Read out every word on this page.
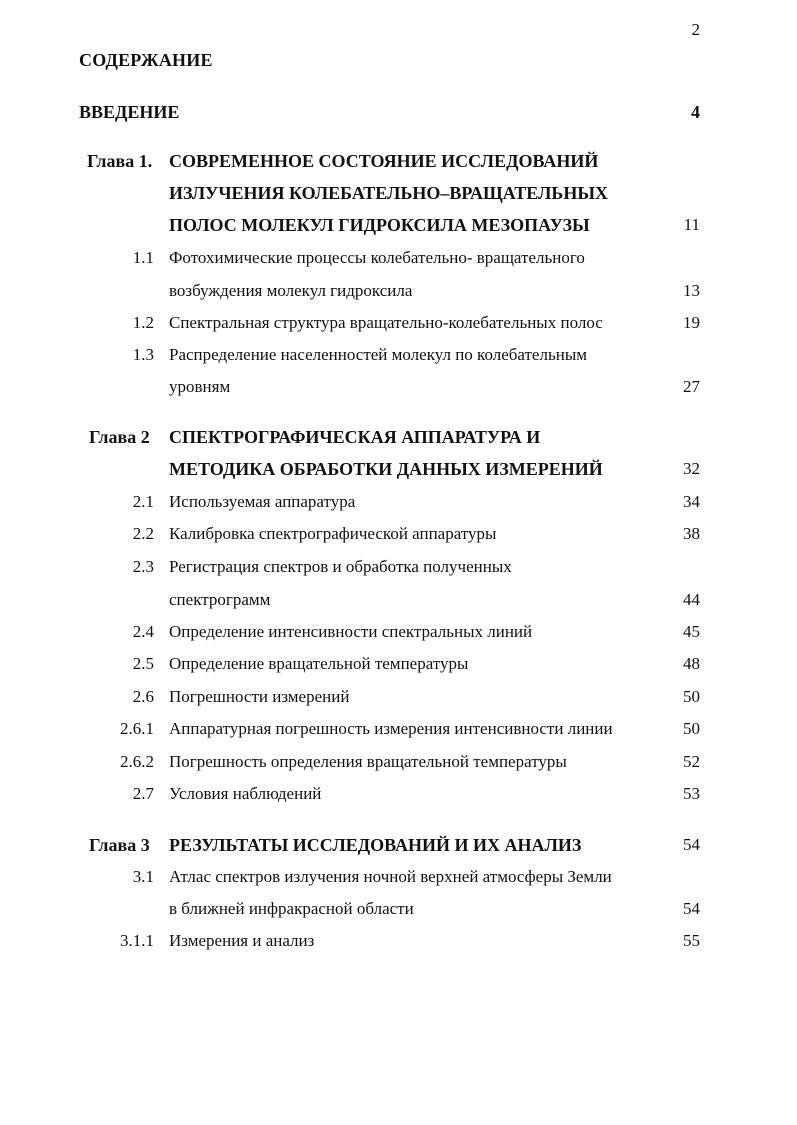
2
СОДЕРЖАНИЕ
ВВЕДЕНИЕ	4
Глава 1. СОВРЕМЕННОЕ СОСТОЯНИЕ ИССЛЕДОВАНИЙ
ИЗЛУЧЕНИЯ КОЛЕБАТЕЛЬНО–ВРАЩАТЕЛЬНЫХ
ПОЛОС МОЛЕКУЛ ГИДРОКСИЛА МЕЗОПАУЗЫ	11
1.1 Фотохимические процессы колебательно- вращательного
возбуждения молекул гидроксила	13
1.2 Спектральная структура вращательно-колебательных полос	19
1.3 Распределение населенностей молекул по колебательным
уровням	27
Глава 2	СПЕКТРОГРАФИЧЕСКАЯ АППАРАТУРА И
МЕТОДИКА ОБРАБОТКИ ДАННЫХ ИЗМЕРЕНИЙ	32
2.1 Используемая аппаратура	34
2.2 Калибровка спектрографической аппаратуры	38
2.3 Регистрация спектров и обработка полученных
спектрограмм	44
2.4 Определение интенсивности спектральных линий	45
2.5 Определение вращательной температуры	48
2.6 Погрешности измерений	50
2.6.1 Аппаратурная погрешность измерения интенсивности линии	50
2.6.2 Погрешность определения вращательной температуры	52
2.7 Условия наблюдений	53
Глава 3	РЕЗУЛЬТАТЫ ИССЛЕДОВАНИЙ И ИХ АНАЛИЗ	54
3.1 Атлас спектров излучения ночной верхней атмосферы Земли
в ближней инфракрасной области	54
3.1.1 Измерения и анализ	55
